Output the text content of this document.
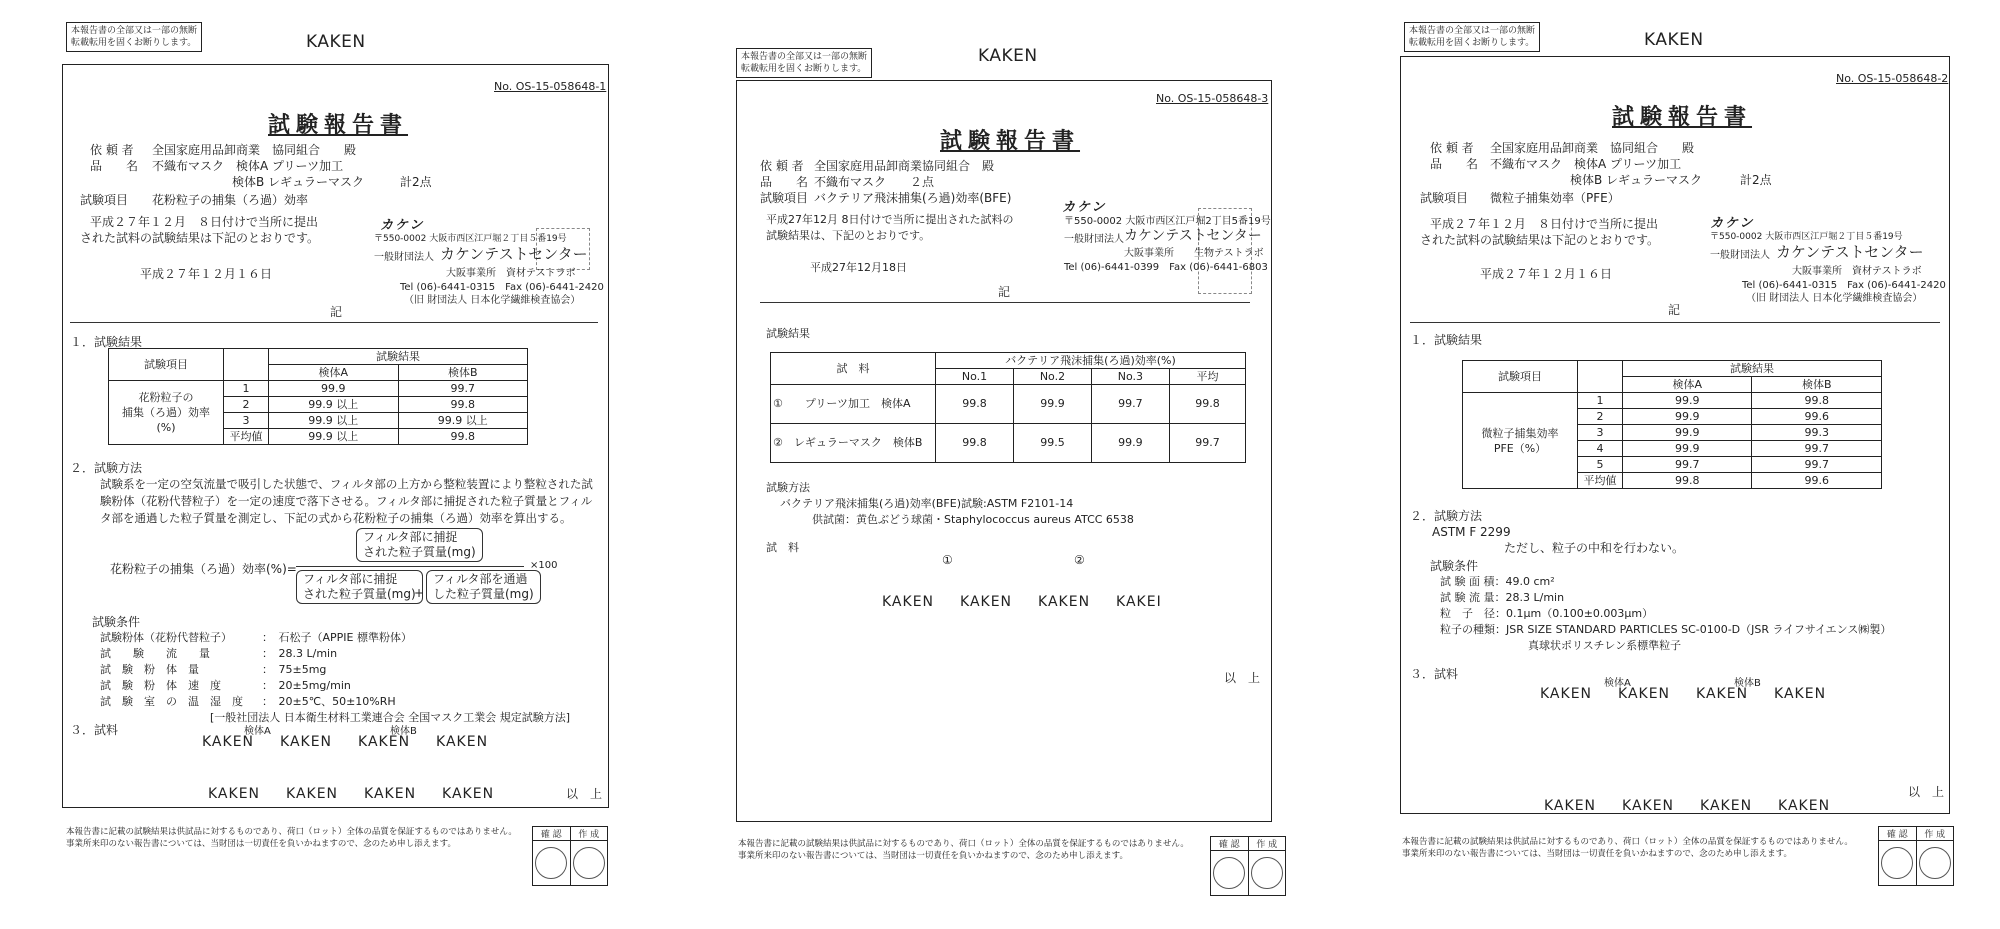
本報告書の全部又は一部の無断
転載転用を固くお断りします。	KAKEN
No. OS-15-058648-1
試験報告書
依 頼 者 全国家庭用品卸商業　協同組合　　殿
品　　名 不織布マスク　検体A プリーツ加工
検体B レギュラーマスク	計2点
試験項目 花粉粒子の捕集（ろ過）効率
平成２７年１２月　８日付けで当所に提出
された試料の試験結果は下記のとおりです。
平成２７年１２月１６日
カケン
〒550-0002 大阪市西区江戸堀２丁目５番19号
一般財団法人 カケンテストセンター
大阪事業所　資材テストラボ
Tel (06)-6441-0315　Fax (06)-6441-2420
（旧 財団法人 日本化学繊維検査協会）
記
１．試験結果
試験項目		試験結果	
		検体A	検体B

花粉粒子の
捕集（ろ過）効率
(%)	1	99.9	99.7
	2	99.9 以上	99.8
	3	99.9 以上	99.9 以上
	平均値	99.9 以上	99.8
２．試験方法
試験系を一定の空気流量で吸引した状態で、フィルタ部の上方から整粒装置により整粒された試
験粉体（花粉代替粒子）を一定の速度で落下させる。フィルタ部に捕捉された粒子質量とフィル
タ部を通過した粒子質量を測定し、下記の式から花粉粒子の捕集（ろ過）効率を算出する。
花粉粒子の捕集（ろ過）効率(%)=
フィルタ部に捕捉
された粒子質量(mg)
フィルタ部に捕捉
された粒子質量(mg)
+
フィルタ部を通過
した粒子質量(mg)
×100
試験条件
試験粉体（花粉代替粒子）	：　石松子（APPIE 標準粉体）
試　　験　　流　　量	：　28.3 L/min
試　験　粉　体　量	：　75±5mg
試　験　粉　体　速　度	：　20±5mg/min
試　験　室　の　温　湿　度 ：　20±5℃、50±10%RH
[一般社団法人 日本衛生材料工業連合会 全国マスク工業会 規定試験方法]
３．試料	検体A	検体B
KAKEN KAKEN KAKEN KAKEN
KAKEN KAKEN KAKEN KAKEN	以　上
本報告書に記載の試験結果は供試品に対するものであり、荷口（ロット）全体の品質を保証するものではありません。
事業所来印のない報告書については、当財団は一切責任を負いかねますので、念のため申し添えます。
確 認	作 成
本報告書の全部又は一部の無断
転載転用を固くお断りします。
KAKEN
No. OS-15-058648-3
試験報告書
依 頼 者 全国家庭用品卸商業協同組合　殿
品　　名 不織布マスク　　２点
試験項目 バクテリア飛沫捕集(ろ過)効率(BFE)
平成27年12月 8日付けで当所に提出された試料の
試験結果は、下記のとおりです。
平成27年12月18日
カケン
〒550-0002 大阪市西区江戸堀2丁目5番19号
一般財団法人 カケンテストセンター
大阪事業所　　生物テストラボ
Tel (06)-6441-0399　Fax (06)-6441-6803
記
試験結果
試　料	バクテリア飛沫捕集(ろ過)効率(%)			
	No.1	No.2	No.3	平均
①　　プリーツ加工　検体A	99.8	99.9	99.7	99.8
②　レギュラーマスク　検体B	99.8	99.5	99.9	99.7
試験方法
バクテリア飛沫捕集(ろ過)効率(BFE)試験:ASTM F2101-14
供試菌：黄色ぶどう球菌・Staphylococcus aureus ATCC 6538
試　料
①	②
KAKEN KAKEN KAKEN KAKEI
以　上
本報告書に記載の試験結果は供試品に対するものであり、荷口（ロット）全体の品質を保証するものではありません。
事業所来印のない報告書については、当財団は一切責任を負いかねますので、念のため申し添えます。
確 認	作 成
本報告書の全部又は一部の無断
転載転用を固くお断りします。	KAKEN
No. OS-15-058648-2
試験報告書
依 頼 者 全国家庭用品卸商業　協同組合　　殿
品　　名 不織布マスク　検体A プリーツ加工
検体B レギュラーマスク	計2点
試験項目 微粒子捕集効率（PFE）
平成２７年１２月　８日付けで当所に提出
された試料の試験結果は下記のとおりです。
平成２７年１２月１６日
カケン
〒550-0002 大阪市西区江戸堀２丁目５番19号
一般財団法人 カケンテストセンター
大阪事業所　資材テストラボ
Tel (06)-6441-0315　Fax (06)-6441-2420
（旧 財団法人 日本化学繊維検査協会）
記
１．試験結果
試験項目		試験結果	
		検体A	検体B

微粒子捕集効率
PFE（%）	1	99.9	99.8
	2	99.9	99.6
	3	99.9	99.3
	4	99.9	99.7
	5	99.7	99.7
	平均値	99.8	99.6
２．試験方法
ASTM F 2299
ただし、粒子の中和を行わない。
試験条件
試 験 面 積：49.0 cm²
試 験 流 量：28.3 L/min
粒　子　径：0.1μm（0.100±0.003μm）
粒子の種類：JSR SIZE STANDARD PARTICLES SC-0100-D（JSR ライフサイエンス㈱製）
真球状ポリスチレン系標準粒子
３．試料
検体A	検体B
KAKEN KAKEN KAKEN KAKEN
以　上
KAKEN KAKEN KAKEN KAKEN
本報告書に記載の試験結果は供試品に対するものであり、荷口（ロット）全体の品質を保証するものではありません。
事業所来印のない報告書については、当財団は一切責任を負いかねますので、念のため申し添えます。
確 認	作 成
